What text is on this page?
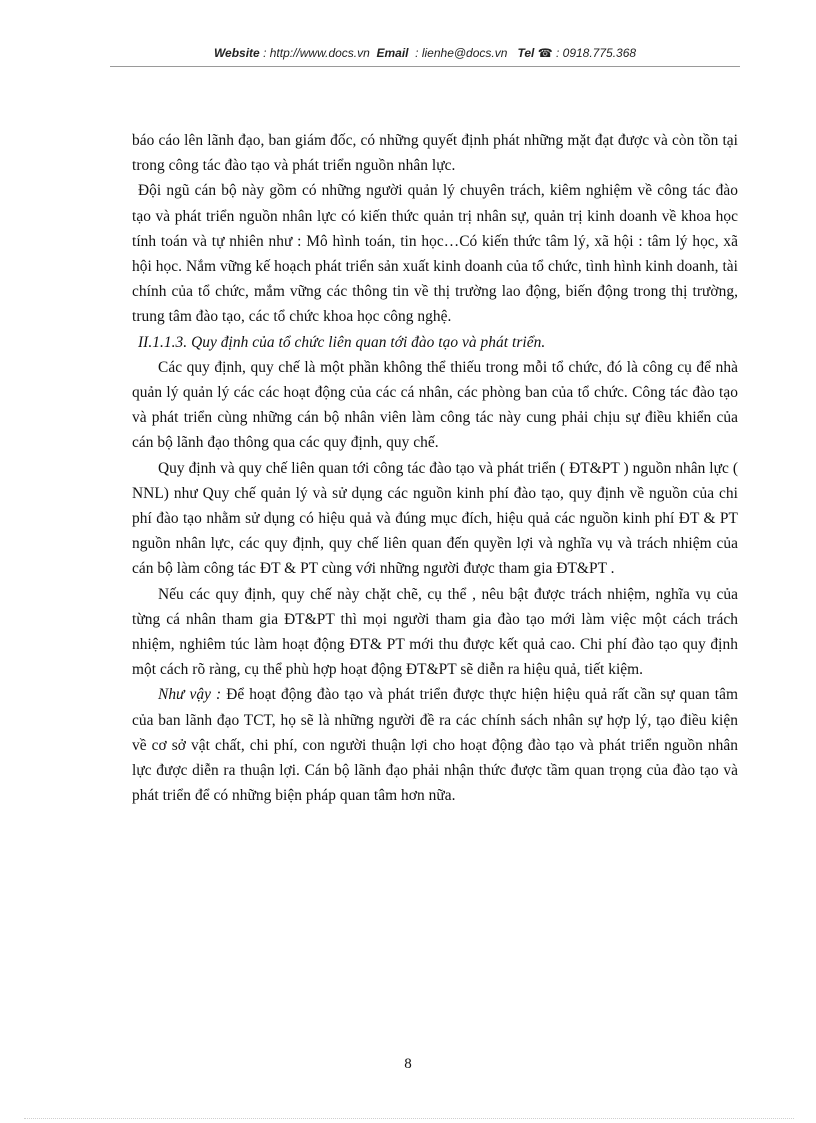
Website : http://www.docs.vn Email  : lienhe@docs.vn Tel ☎ : 0918.775.368

báo cáo lên lãnh đạo, ban giám đốc, có những quyết định phát những mặt đạt được và còn tồn tại trong công tác đào tạo và phát triển nguồn nhân lực.

Đội ngũ cán bộ này gồm có những người quản lý chuyên trách, kiêm nghiệm về công tác đào tạo và phát triển nguồn nhân lực có kiến thức quản trị nhân sự, quản trị kinh doanh về khoa học tính toán và tự nhiên như : Mô hình toán, tin học…Có kiến thức tâm lý, xã hội : tâm lý học, xã hội học. Nắm vững kế hoạch phát triển sản xuất kinh doanh của tổ chức, tình hình kinh doanh, tài chính của tổ chức, mắm vững các thông tin về thị trường lao động, biến động trong thị trường, trung tâm đào tạo, các tổ chức khoa học công nghệ.

II.1.1.3. Quy định của tổ chức liên quan tới đào tạo và phát triển.

Các quy định, quy chế là một phần không thể thiếu trong mỗi tổ chức, đó là công cụ để nhà quản lý quản lý các các hoạt động của các cá nhân, các phòng ban của tổ chức. Công tác đào tạo và phát triển cùng những cán bộ nhân viên làm công tác này cung phải chịu sự điều khiển của cán bộ lãnh đạo thông qua các quy định, quy chế.

Quy định và quy chế liên quan tới công tác đào tạo và phát triển ( ĐT&PT ) nguồn nhân lực ( NNL) như Quy chế quản lý và sử dụng các nguồn kinh phí đào tạo, quy định về nguồn của chi phí đào tạo nhằm sử dụng có hiệu quả và đúng mục đích, hiệu quả các nguồn kinh phí ĐT & PT nguồn nhân lực, các quy định, quy chế liên quan đến quyền lợi và nghĩa vụ và trách nhiệm của cán bộ làm công tác ĐT & PT cùng với những người được tham gia ĐT&PT .

Nếu các quy định, quy chế này chặt chẽ, cụ thể , nêu bật được trách nhiệm, nghĩa vụ của từng cá nhân tham gia ĐT&PT thì mọi người tham gia đào tạo mới làm việc một cách trách nhiệm, nghiêm túc làm hoạt động ĐT& PT mới thu được kết quả cao. Chi phí đào tạo quy định một cách rõ ràng, cụ thể phù hợp hoạt động ĐT&PT sẽ diễn ra hiệu quả, tiết kiệm.

Như vậy : Để hoạt động đào tạo và phát triển được thực hiện hiệu quả rất cần sự quan tâm của ban lãnh đạo TCT, họ sẽ là những người đề ra các chính sách nhân sự hợp lý, tạo điều kiện về cơ sở vật chất, chi phí, con người thuận lợi cho hoạt động đào tạo và phát triển nguồn nhân lực được diễn ra thuận lợi. Cán bộ lãnh đạo phải nhận thức được tầm quan trọng của đào tạo và phát triển để có những biện pháp quan tâm hơn nữa.

8
